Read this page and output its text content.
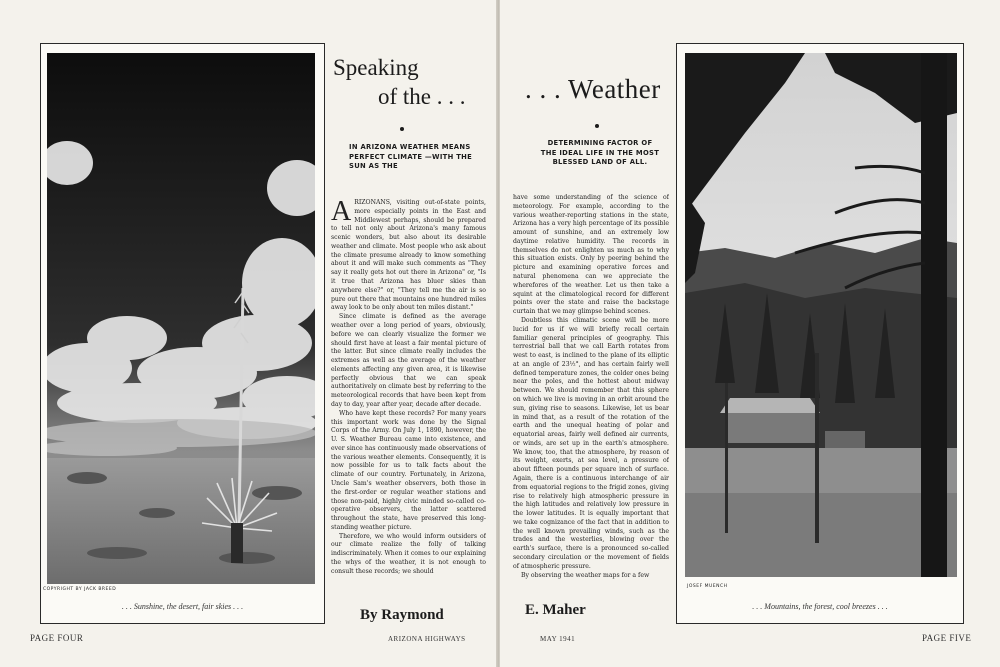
COPYRIGHT BY JACK BREED
. . . Sunshine, the desert, fair skies . . .
Speaking
of the . . .
IN ARIZONA WEATHER MEANS PERFECT CLIMATE —WITH THE SUN AS THE

ARIZONANS, visiting out-of-state points, more especially points in the East and Middlewest perhaps, should be prepared to tell not only about Arizona's many famous scenic wonders, but also about its desirable weather and climate. Most people who ask about the climate presume already to know something about it and will make such comments as "They say it really gets hot out there in Arizona" or, "Is it true that Arizona has bluer skies than anywhere else?" or, "They tell me the air is so pure out there that mountains one hundred miles away look to be only about ten miles distant."

Since climate is defined as the average weather over a long period of years, obviously, before we can clearly visualize the former we should first have at least a fair mental picture of the latter. But since climate really includes the extremes as well as the average of the weather elements affecting any given area, it is likewise perfectly obvious that we can speak authoritatively on climate best by referring to the meteorological records that have been kept from day to day, year after year, decade after decade.

Who have kept these records? For many years this important work was done by the Signal Corps of the Army. On July 1, 1890, however, the U. S. Weather Bureau came into existence, and ever since has continuously made observations of the various weather elements. Consequently, it is now possible for us to talk facts about the climate of our country. Fortunately, in Arizona, Uncle Sam's weather observers, both those in the first-order or regular weather stations and those non-paid, highly civic minded so-called co-operative observers, the latter scattered throughout the state, have preserved this long-standing weather picture.

Therefore, we who would inform outsiders of our climate realize the folly of talking indiscriminately. When it comes to our explaining the whys of the weather, it is not enough to consult these records; we should

By Raymond
PAGE FOUR	ARIZONA HIGHWAYS
. . . Weather
DETERMINING FACTOR OF THE IDEAL LIFE IN THE MOST BLESSED LAND OF ALL.

have some understanding of the science of meteorology. For example, according to the various weather-reporting stations in the state, Arizona has a very high percentage of its possible amount of sunshine, and an extremely low daytime relative humidity. The records in themselves do not enlighten us much as to why this situation exists. Only by peering behind the picture and examining operative forces and natural phenomena can we appreciate the wherefores of the weather. Let us then take a squint at the climatological record for different points over the state and raise the backstage curtain that we may glimpse behind scenes.

Doubtless this climatic scene will be more lucid for us if we will briefly recall certain familiar general principles of geography. This terrestrial ball that we call Earth rotates from west to east, is inclined to the plane of its elliptic at an angle of 23½°, and has certain fairly well defined temperature zones, the colder ones being near the poles, and the hottest about midway between. We should remember that this sphere on which we live is moving in an orbit around the sun, giving rise to seasons. Likewise, let us bear in mind that, as a result of the rotation of the earth and the unequal heating of polar and equatorial areas, fairly well defined air currents, or winds, are set up in the earth's atmosphere. We know, too, that the atmosphere, by reason of its weight, exerts, at sea level, a pressure of about fifteen pounds per square inch of surface. Again, there is a continuous interchange of air from equatorial regions to the frigid zones, giving rise to relatively high atmospheric pressure in the high latitudes and relatively low pressure in the lower latitudes. It is equally important that we take cognizance of the fact that in addition to the well known prevailing winds, such as the trades and the westerlies, blowing over the earth's surface, there is a pronounced so-called secondary circulation or the movement of fields of atmospheric pressure.

By observing the weather maps for a few

JOSEF MUENCH
. . . Mountains, the forest, cool breezes . . .
E. Maher
MAY 1941	PAGE FIVE
